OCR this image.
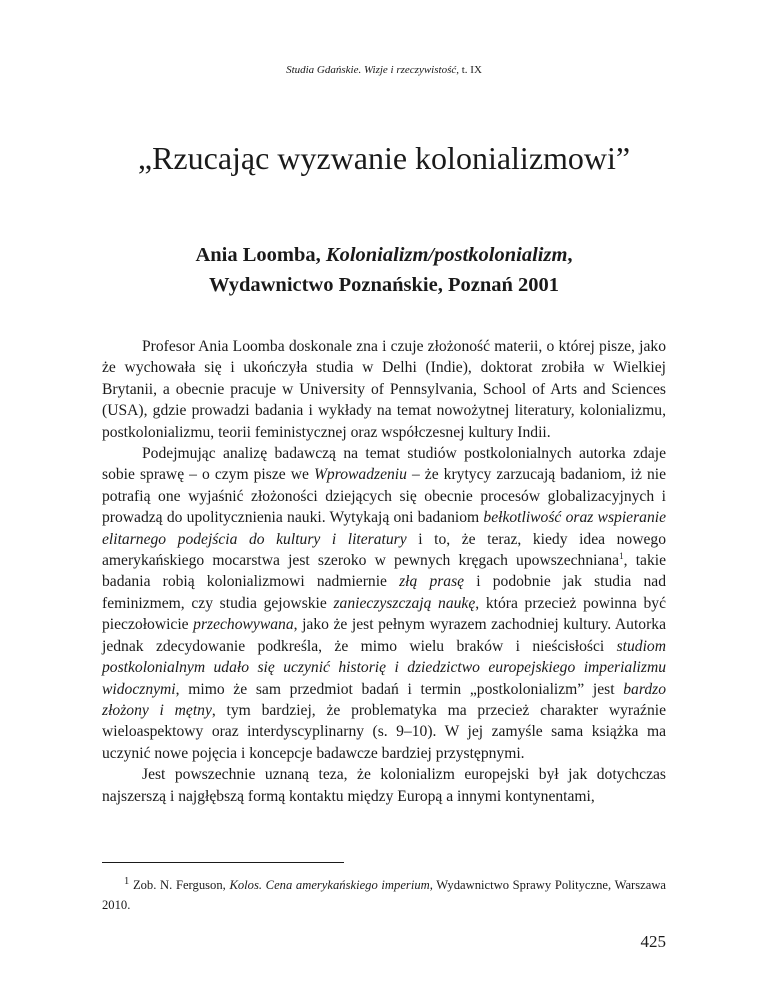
Studia Gdańskie. Wizje i rzeczywistość, t. IX
„Rzucając wyzwanie kolonializmowi”
Ania Loomba, Kolonializm/postkolonializm,
Wydawnictwo Poznańskie, Poznań 2001

Profesor Ania Loomba doskonale zna i czuje złożoność materii, o której pisze, jako że wychowała się i ukończyła studia w Delhi (Indie), doktorat zrobiła w Wielkiej Brytanii, a obecnie pracuje w University of Pennsylvania, School of Arts and Sciences (USA), gdzie prowadzi badania i wykłady na temat nowożytnej literatury, kolonializmu, postkolonializmu, teorii feministycznej oraz współczesnej kultury Indii.

Podejmując analizę badawczą na temat studiów postkolonialnych autorka zdaje sobie sprawę – o czym pisze we Wprowadzeniu – że krytycy zarzucają badaniom, iż nie potrafią one wyjaśnić złożoności dziejących się obecnie procesów globalizacyjnych i prowadzą do upolitycznienia nauki. Wytykają oni badaniom bełkotliwość oraz wspieranie elitarnego podejścia do kultury i literatury i to, że teraz, kiedy idea nowego amerykańskiego mocarstwa jest szeroko w pewnych kręgach upowszechniana$^1$, takie badania robią kolonializmowi nadmiernie złą prasę i podobnie jak studia nad feminizmem, czy studia gejowskie zanieczyszczają naukę, która przecież powinna być pieczołowicie przechowywana, jako że jest pełnym wyrazem zachodniej kultury. Autorka jednak zdecydowanie podkreśla, że mimo wielu braków i nieścisłości studiom postkolonialnym udało się uczynić historię i dziedzictwo europejskiego imperializmu widocznymi, mimo że sam przedmiot badań i termin „postkolonializm” jest bardzo złożony i mętny, tym bardziej, że problematyka ma przecież charakter wyraźnie wieloaspektowy oraz interdyscyplinarny (s. 9–10). W jej zamyśle sama książka ma uczynić nowe pojęcia i koncepcje badawcze bardziej przystępnymi.

Jest powszechnie uznaną teza, że kolonializm europejski był jak dotychczas najszerszą i najgłębszą formą kontaktu między Europą a innymi kontynentami,

$^1$ Zob. N. Ferguson, Kolos. Cena amerykańskiego imperium, Wydawnictwo Sprawy Polityczne, Warszawa 2010.
425
